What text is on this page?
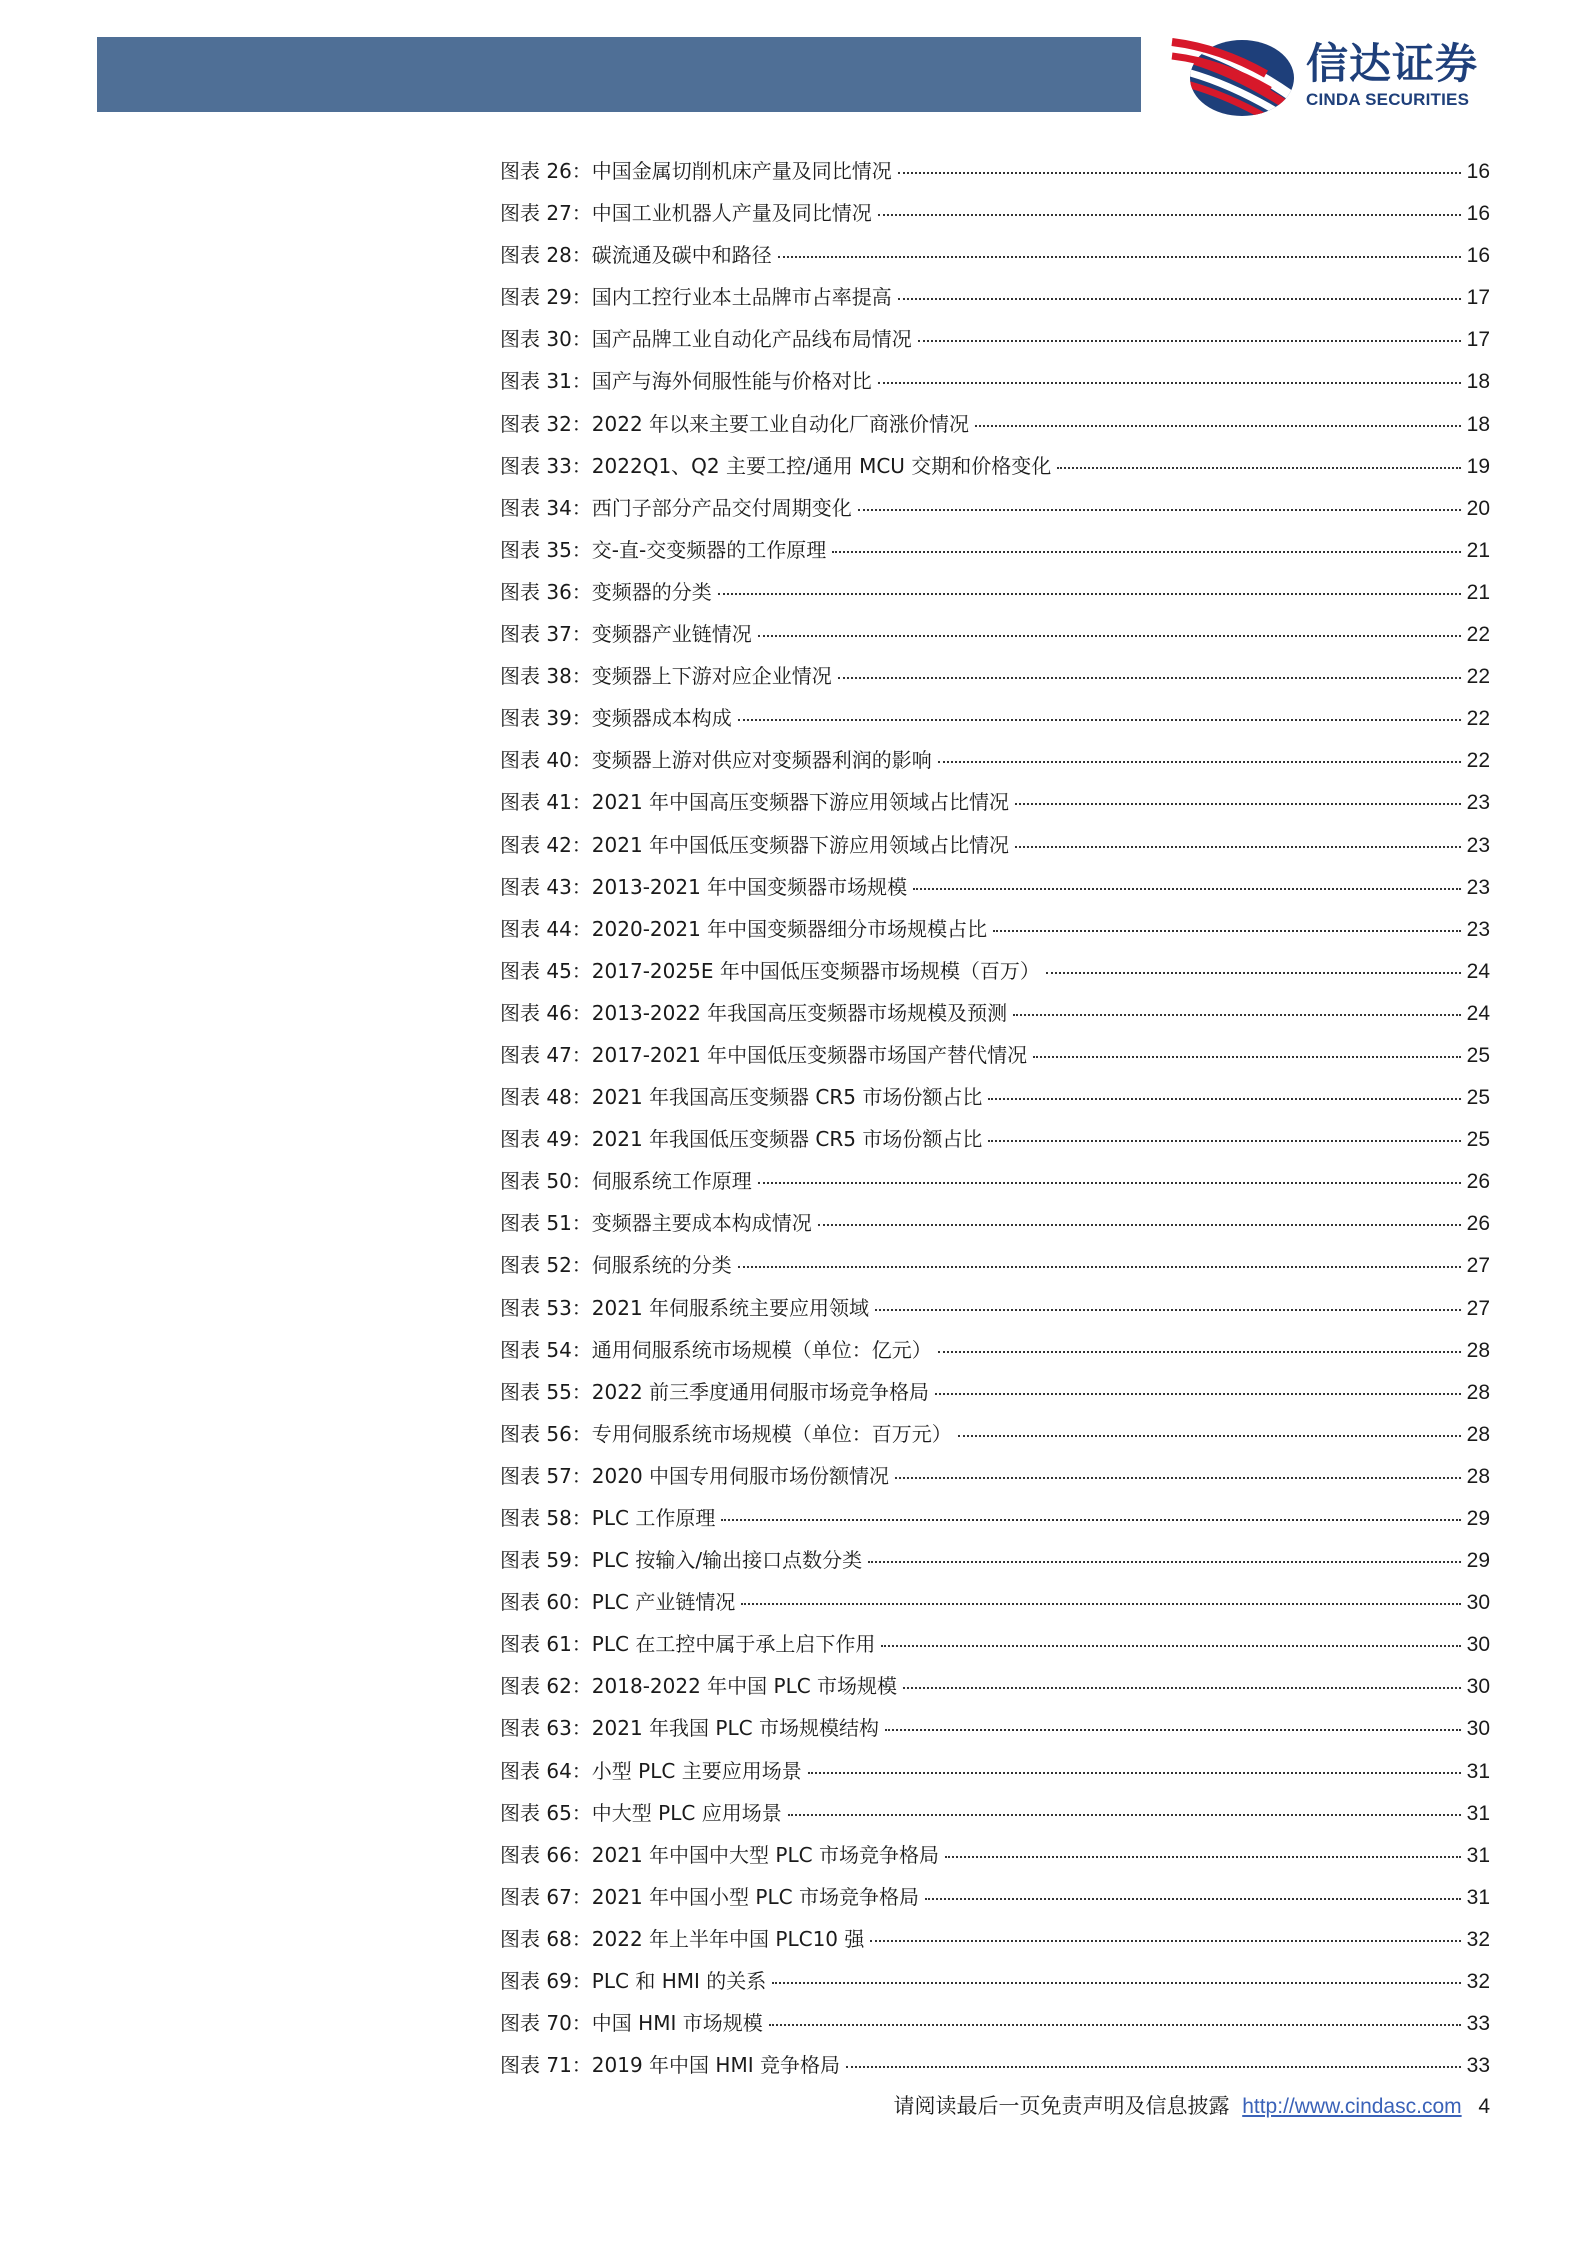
信达证券
CINDA SECURITIES
图表 26：中国金属切削机床产量及同比情况	16
图表 27：中国工业机器人产量及同比情况	16
图表 28：碳流通及碳中和路径	16
图表 29：国内工控行业本土品牌市占率提高	17
图表 30：国产品牌工业自动化产品线布局情况	17
图表 31：国产与海外伺服性能与价格对比	18
图表 32：2022 年以来主要工业自动化厂商涨价情况	18
图表 33：2022Q1、Q2 主要工控/通用 MCU 交期和价格变化	19
图表 34：西门子部分产品交付周期变化	20
图表 35：交-直-交变频器的工作原理	21
图表 36：变频器的分类	21
图表 37：变频器产业链情况	22
图表 38：变频器上下游对应企业情况	22
图表 39：变频器成本构成	22
图表 40：变频器上游对供应对变频器利润的影响	22
图表 41：2021 年中国高压变频器下游应用领域占比情况	23
图表 42：2021 年中国低压变频器下游应用领域占比情况	23
图表 43：2013-2021 年中国变频器市场规模	23
图表 44：2020-2021 年中国变频器细分市场规模占比	23
图表 45：2017-2025E 年中国低压变频器市场规模（百万）	24
图表 46：2013-2022 年我国高压变频器市场规模及预测	24
图表 47：2017-2021 年中国低压变频器市场国产替代情况	25
图表 48：2021 年我国高压变频器 CR5 市场份额占比	25
图表 49：2021 年我国低压变频器 CR5 市场份额占比	25
图表 50：伺服系统工作原理	26
图表 51：变频器主要成本构成情况	26
图表 52：伺服系统的分类	27
图表 53：2021 年伺服系统主要应用领域	27
图表 54：通用伺服系统市场规模（单位：亿元）	28
图表 55：2022 前三季度通用伺服市场竞争格局	28
图表 56：专用伺服系统市场规模（单位：百万元）	28
图表 57：2020 中国专用伺服市场份额情况	28
图表 58：PLC 工作原理	29
图表 59：PLC 按输入/输出接口点数分类	29
图表 60：PLC 产业链情况	30
图表 61：PLC 在工控中属于承上启下作用	30
图表 62：2018-2022 年中国 PLC 市场规模	30
图表 63：2021 年我国 PLC 市场规模结构	30
图表 64：小型 PLC 主要应用场景	31
图表 65：中大型 PLC 应用场景	31
图表 66：2021 年中国中大型 PLC 市场竞争格局	31
图表 67：2021 年中国小型 PLC 市场竞争格局	31
图表 68：2022 年上半年中国 PLC10 强	32
图表 69：PLC 和 HMI 的关系	32
图表 70：中国 HMI 市场规模	33
图表 71：2019 年中国 HMI 竞争格局	33
请阅读最后一页免责声明及信息披露 http://www.cindasc.com 4
